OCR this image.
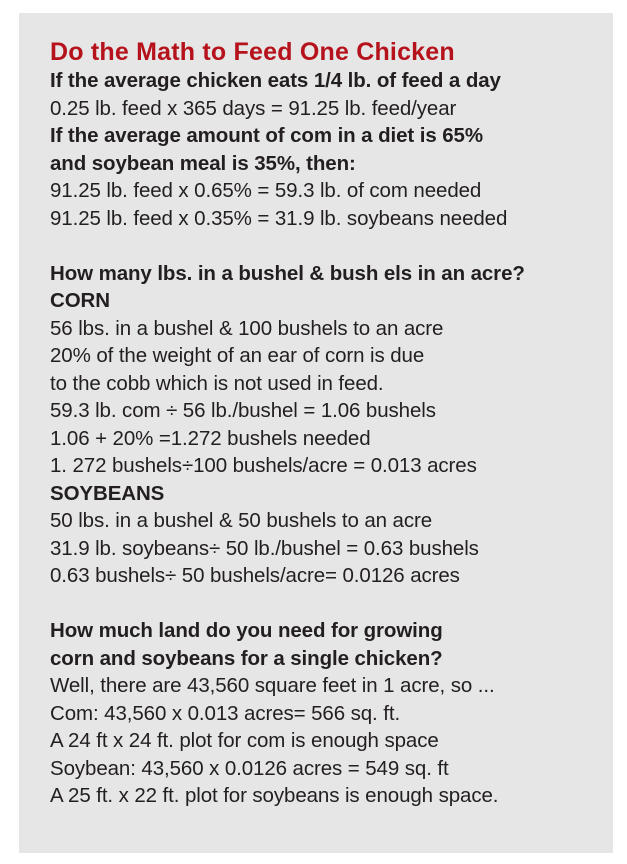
Do the Math to Feed One Chicken
If the average chicken eats 1/4 lb. of feed a day
0.25 lb. feed x 365 days = 91.25 lb. feed/year
If the average amount of com in a diet is 65%
and soybean meal is 35%, then:
91.25 lb. feed x 0.65% = 59.3 lb. of com needed
91.25 lb. feed x 0.35% = 31.9 lb. soybeans needed
How many lbs. in a bushel & bush els in an acre?
CORN
56 lbs. in a bushel & 100 bushels to an acre
20% of the weight of an ear of corn is due
to the cobb which is not used in feed.
59.3 lb. com ÷ 56 lb./bushel = 1.06 bushels
1.06 + 20% =1.272 bushels needed
1. 272 bushels÷100 bushels/acre = 0.013 acres
SOYBEANS
50 lbs. in a bushel & 50 bushels to an acre
31.9 lb. soybeans÷ 50 lb./bushel = 0.63 bushels
0.63 bushels÷ 50 bushels/acre= 0.0126 acres
How much land do you need for growing
corn and soybeans for a single chicken?
Well, there are 43,560 square feet in 1 acre, so ...
Com: 43,560 x 0.013 acres= 566 sq. ft.
A 24 ft x 24 ft. plot for com is enough space
Soybean: 43,560 x 0.0126 acres = 549 sq. ft
A 25 ft. x 22 ft. plot for soybeans is enough space.
